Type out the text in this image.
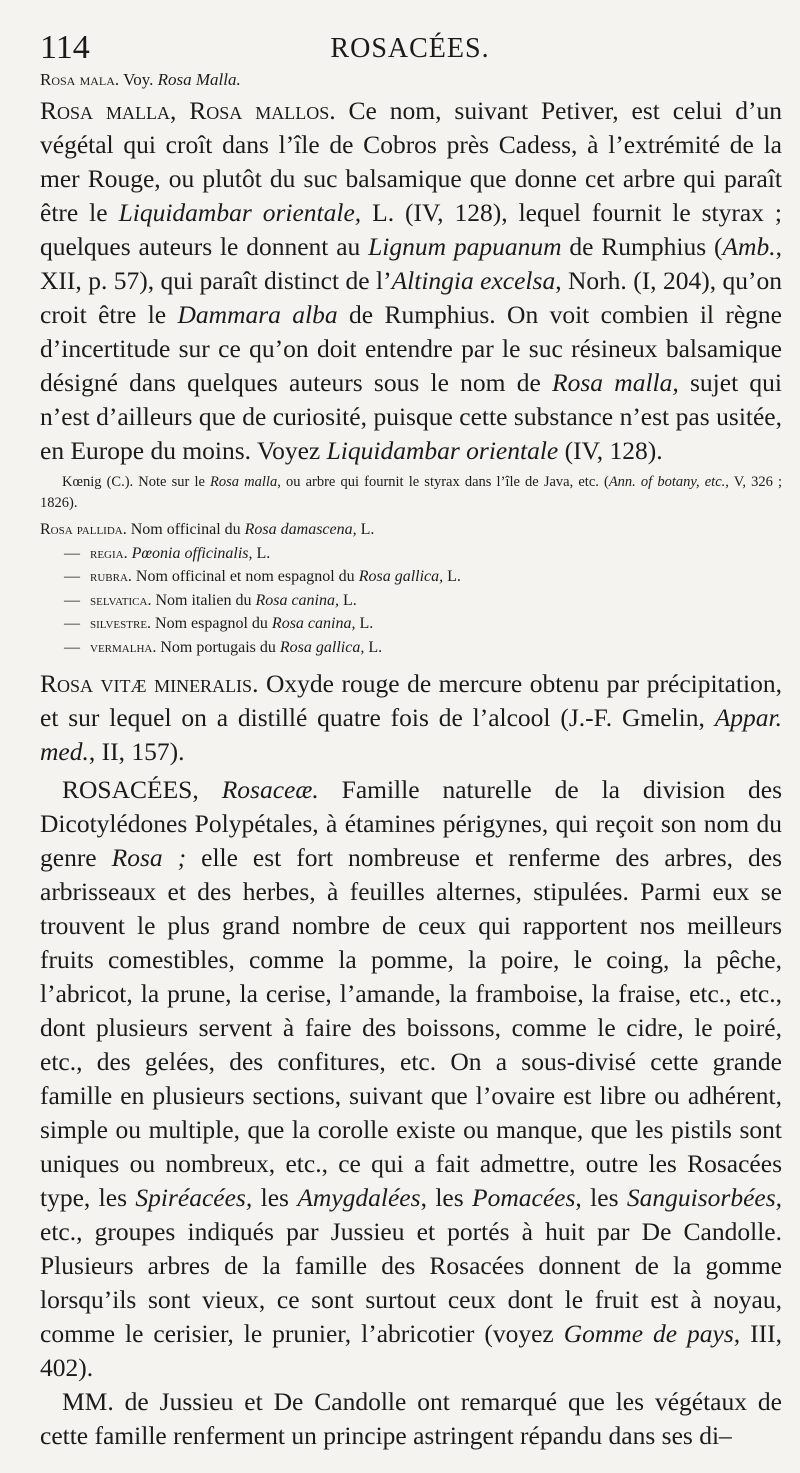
114	ROSACÉES.

Rosa mala. Voy. Rosa Malla.

Rosa malla, Rosa mallos. Ce nom, suivant Petiver, est celui d’un végétal qui croît dans l’île de Cobros près Cadess, à l’extrémité de la mer Rouge, ou plutôt du suc balsamique que donne cet arbre qui paraît être le Liquidambar orientale, L. (IV, 128), lequel fournit le styrax ; quelques auteurs le donnent au Lignum papuanum de Rumphius (Amb., XII, p. 57), qui paraît distinct de l’Altingia excelsa, Norh. (I, 204), qu’on croit être le Dammara alba de Rumphius. On voit combien il règne d’incertitude sur ce qu’on doit entendre par le suc résineux balsamique désigné dans quelques auteurs sous le nom de Rosa malla, sujet qui n’est d’ailleurs que de curiosité, puisque cette substance n’est pas usitée, en Europe du moins. Voyez Liquidambar orientale (IV, 128).

Kœnig (C.). Note sur le Rosa malla, ou arbre qui fournit le styrax dans l’île de Java, etc. (Ann. of botany, etc., V, 326 ; 1826).

Rosa pallida. Nom officinal du Rosa damascena, L.
— regia. Pœonia officinalis, L.
— rubra. Nom officinal et nom espagnol du Rosa gallica, L.
— selvatica. Nom italien du Rosa canina, L.
— silvestre. Nom espagnol du Rosa canina, L.
— vermalha. Nom portugais du Rosa gallica, L.

Rosa vitæ mineralis. Oxyde rouge de mercure obtenu par précipitation, et sur lequel on a distillé quatre fois de l’alcool (J.-F. Gmelin, Appar. med., II, 157).

ROSACÉES, Rosaceæ. Famille naturelle de la division des Dicotylédones Polypétales, à étamines périgynes, qui reçoit son nom du genre Rosa ; elle est fort nombreuse et renferme des arbres, des arbrisseaux et des herbes, à feuilles alternes, stipulées. Parmi eux se trouvent le plus grand nombre de ceux qui rapportent nos meilleurs fruits comestibles, comme la pomme, la poire, le coing, la pêche, l’abricot, la prune, la cerise, l’amande, la framboise, la fraise, etc., etc., dont plusieurs servent à faire des boissons, comme le cidre, le poiré, etc., des gelées, des confitures, etc. On a sous-divisé cette grande famille en plusieurs sections, suivant que l’ovaire est libre ou adhérent, simple ou multiple, que la corolle existe ou manque, que les pistils sont uniques ou nombreux, etc., ce qui a fait admettre, outre les Rosacées type, les Spiréacées, les Amygdalées, les Pomacées, les Sanguisorbées, etc., groupes indiqués par Jussieu et portés à huit par De Candolle. Plusieurs arbres de la famille des Rosacées donnent de la gomme lorsqu’ils sont vieux, ce sont surtout ceux dont le fruit est à noyau, comme le cerisier, le prunier, l’abricotier (voyez Gomme de pays, III, 402).

MM. de Jussieu et De Candolle ont remarqué que les végétaux de cette famille renferment un principe astringent répandu dans ses di–
